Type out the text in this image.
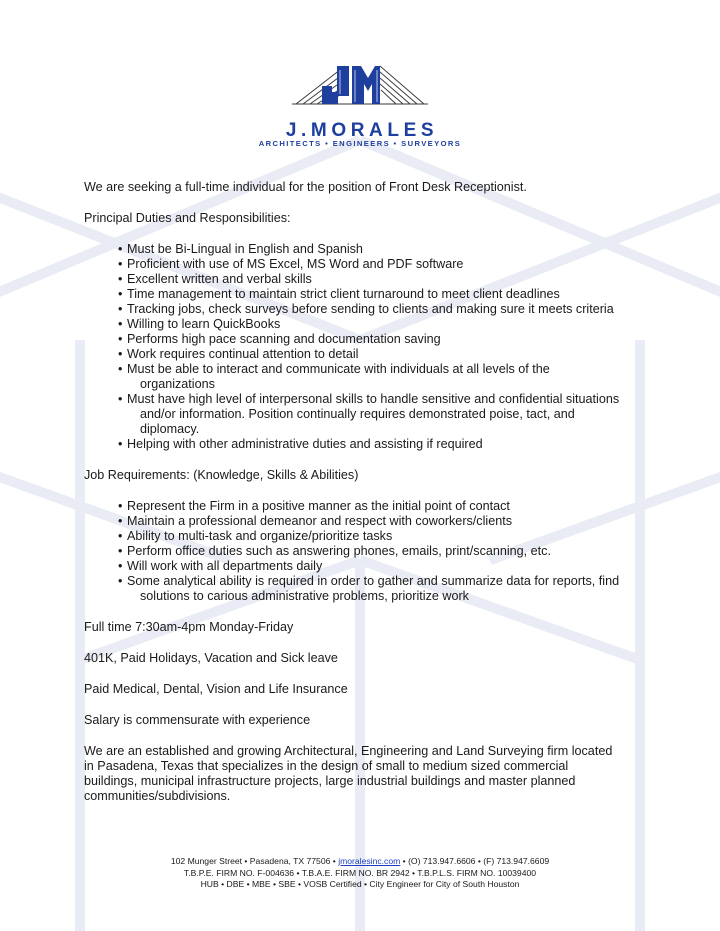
J.MORALES
ARCHITECTS • ENGINEERS • SURVEYORS

We are seeking a full-time individual for the position of Front Desk Receptionist.

Principal Duties and Responsibilities:

• Must be Bi-Lingual in English and Spanish
• Proficient with use of MS Excel, MS Word and PDF software
• Excellent written and verbal skills
• Time management to maintain strict client turnaround to meet client deadlines
• Tracking jobs, check surveys before sending to clients and making sure it meets criteria
• Willing to learn QuickBooks
• Performs high pace scanning and documentation saving
• Work requires continual attention to detail
• Must be able to interact and communicate with individuals at all levels of the
organizations
• Must have high level of interpersonal skills to handle sensitive and confidential situations
and/or information. Position continually requires demonstrated poise, tact, and
diplomacy.
• Helping with other administrative duties and assisting if required

Job Requirements: (Knowledge, Skills & Abilities)

• Represent the Firm in a positive manner as the initial point of contact
• Maintain a professional demeanor and respect with coworkers/clients
• Ability to multi-task and organize/prioritize tasks
• Perform office duties such as answering phones, emails, print/scanning, etc.
• Will work with all departments daily
• Some analytical ability is required in order to gather and summarize data for reports, find
solutions to carious administrative problems, prioritize work

Full time 7:30am-4pm Monday-Friday

401K, Paid Holidays, Vacation and Sick leave

Paid Medical, Dental, Vision and Life Insurance

Salary is commensurate with experience

We are an established and growing Architectural, Engineering and Land Surveying firm located
in Pasadena, Texas that specializes in the design of small to medium sized commercial
buildings, municipal infrastructure projects, large industrial buildings and master planned
communities/subdivisions.

102 Munger Street • Pasadena, TX 77506 • jmoralesinc.com • (O) 713.947.6606 • (F) 713.947.6609
T.B.P.E. FIRM NO. F-004636 • T.B.A.E. FIRM NO. BR 2942 • T.B.P.L.S. FIRM NO. 10039400
HUB • DBE • MBE • SBE • VOSB Certified • City Engineer for City of South Houston
